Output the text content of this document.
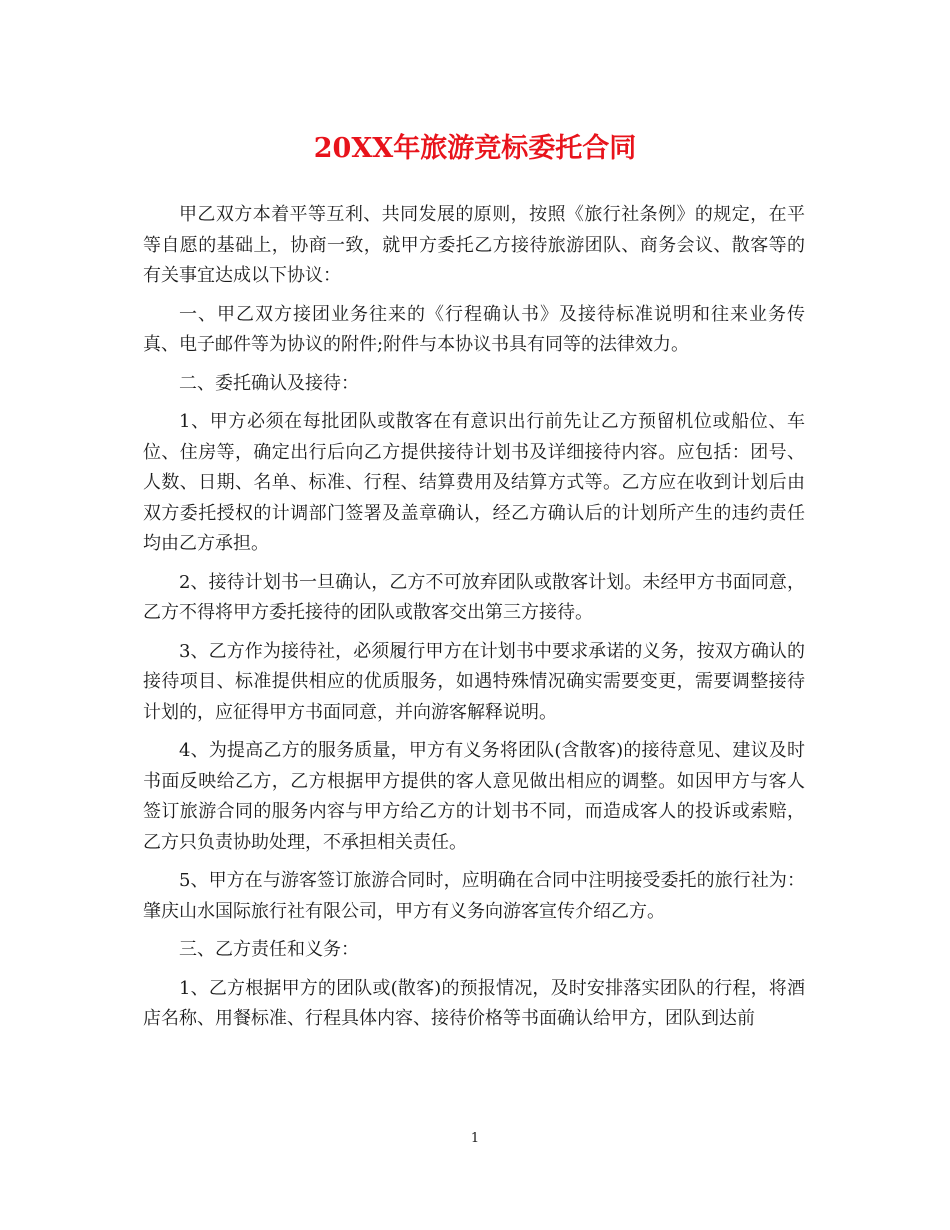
20XX年旅游竞标委托合同

甲乙双方本着平等互利、共同发展的原则，按照《旅行社条例》的规定，在平等自愿的基础上，协商一致，就甲方委托乙方接待旅游团队、商务会议、散客等的有关事宜达成以下协议：

一、甲乙双方接团业务往来的《行程确认书》及接待标准说明和往来业务传真、电子邮件等为协议的附件;附件与本协议书具有同等的法律效力。

二、委托确认及接待：

1、甲方必须在每批团队或散客在有意识出行前先让乙方预留机位或船位、车位、住房等，确定出行后向乙方提供接待计划书及详细接待内容。应包括：团号、人数、日期、名单、标准、行程、结算费用及结算方式等。乙方应在收到计划后由双方委托授权的计调部门签署及盖章确认，经乙方确认后的计划所产生的违约责任均由乙方承担。

2、接待计划书一旦确认，乙方不可放弃团队或散客计划。未经甲方书面同意，乙方不得将甲方委托接待的团队或散客交出第三方接待。

3、乙方作为接待社，必须履行甲方在计划书中要求承诺的义务，按双方确认的接待项目、标准提供相应的优质服务，如遇特殊情况确实需要变更，需要调整接待计划的，应征得甲方书面同意，并向游客解释说明。

4、为提高乙方的服务质量，甲方有义务将团队(含散客)的接待意见、建议及时书面反映给乙方，乙方根据甲方提供的客人意见做出相应的调整。如因甲方与客人签订旅游合同的服务内容与甲方给乙方的计划书不同，而造成客人的投诉或索赔，乙方只负责协助处理，不承担相关责任。

5、甲方在与游客签订旅游合同时，应明确在合同中注明接受委托的旅行社为：肇庆山水国际旅行社有限公司，甲方有义务向游客宣传介绍乙方。

三、乙方责任和义务：

1、乙方根据甲方的团队或(散客)的预报情况，及时安排落实团队的行程，将酒店名称、用餐标准、行程具体内容、接待价格等书面确认给甲方，团队到达前

1
